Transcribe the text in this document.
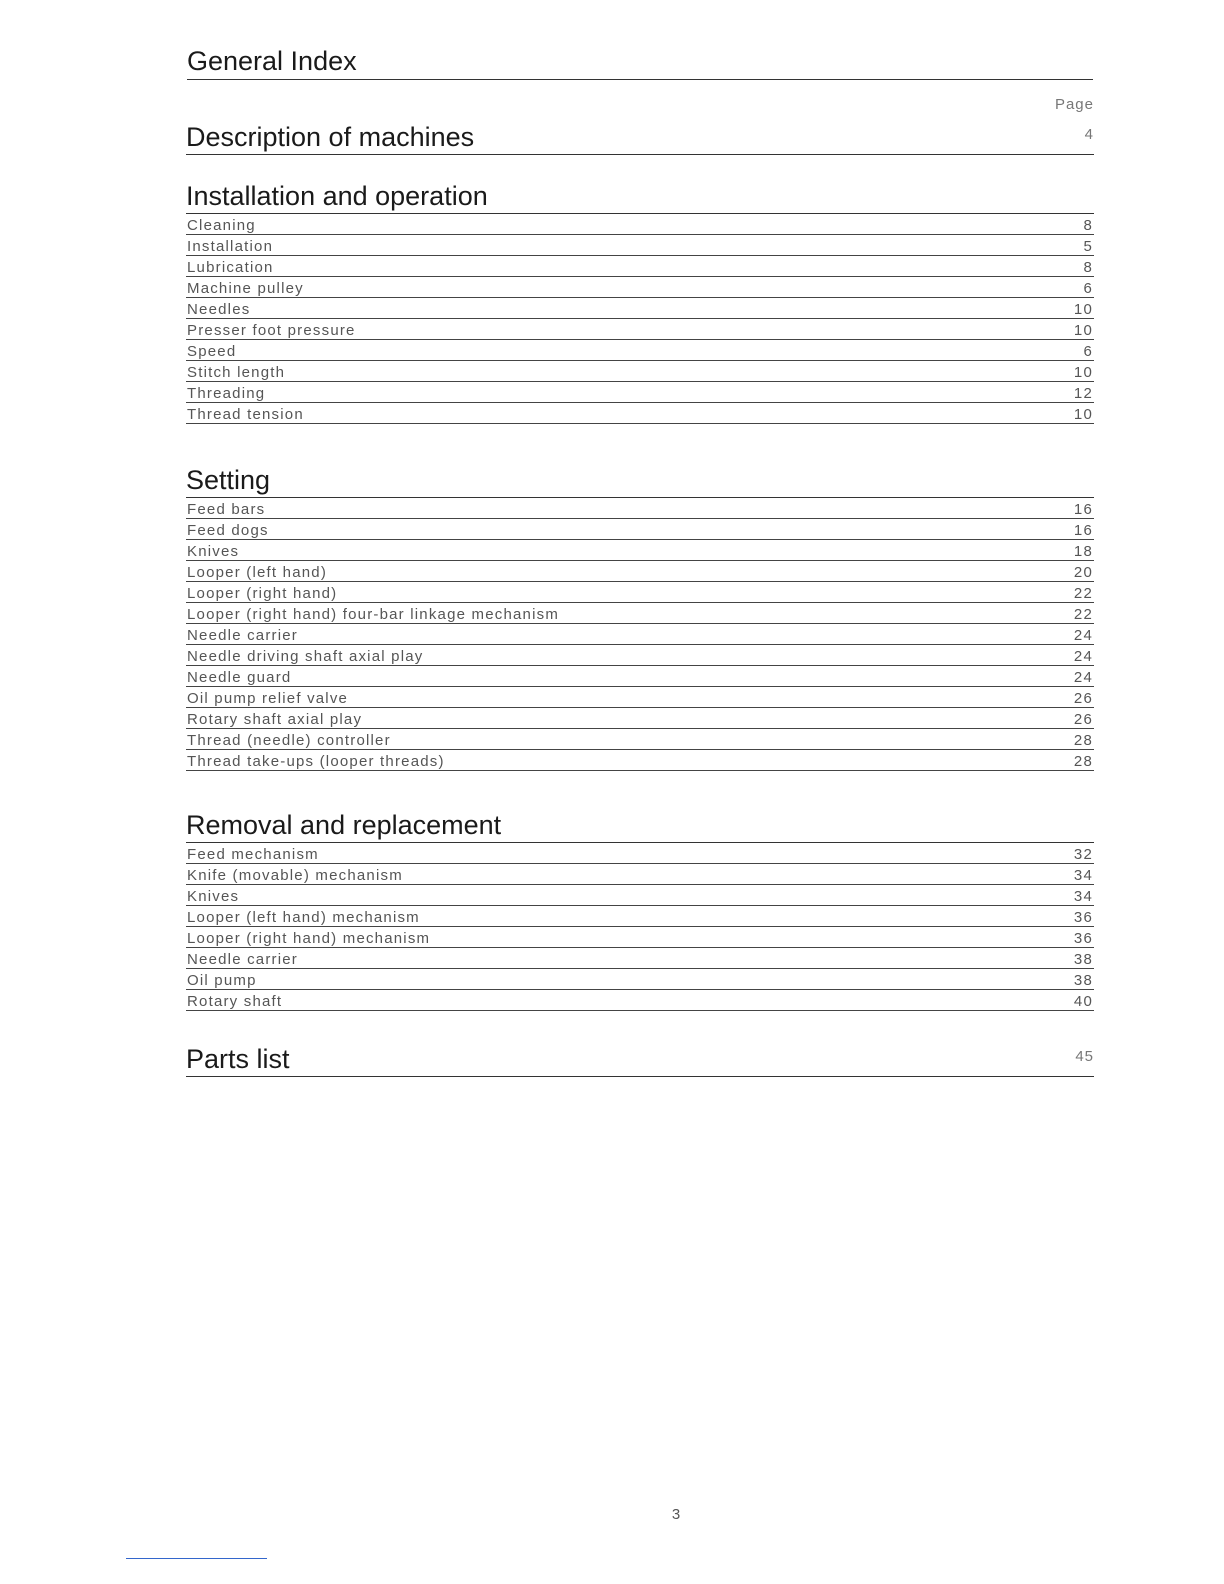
General Index
Page
Description of machines	4
Installation and operation
Cleaning	8
Installation	5
Lubrication	8
Machine pulley	6
Needles	10
Presser foot pressure	10
Speed	6
Stitch length	10
Threading	12
Thread tension	10
Setting
Feed bars	16
Feed dogs	16
Knives	18
Looper (left hand)	20
Looper (right hand)	22
Looper (right hand) four-bar linkage mechanism	22
Needle carrier	24
Needle driving shaft axial play	24
Needle guard	24
Oil pump relief valve	26
Rotary shaft axial play	26
Thread (needle) controller	28
Thread take-ups (looper threads)	28
Removal and replacement
Feed mechanism	32
Knife (movable) mechanism	34
Knives	34
Looper (left hand) mechanism	36
Looper (right hand) mechanism	36
Needle carrier	38
Oil pump	38
Rotary shaft	40
Parts list	45
3
